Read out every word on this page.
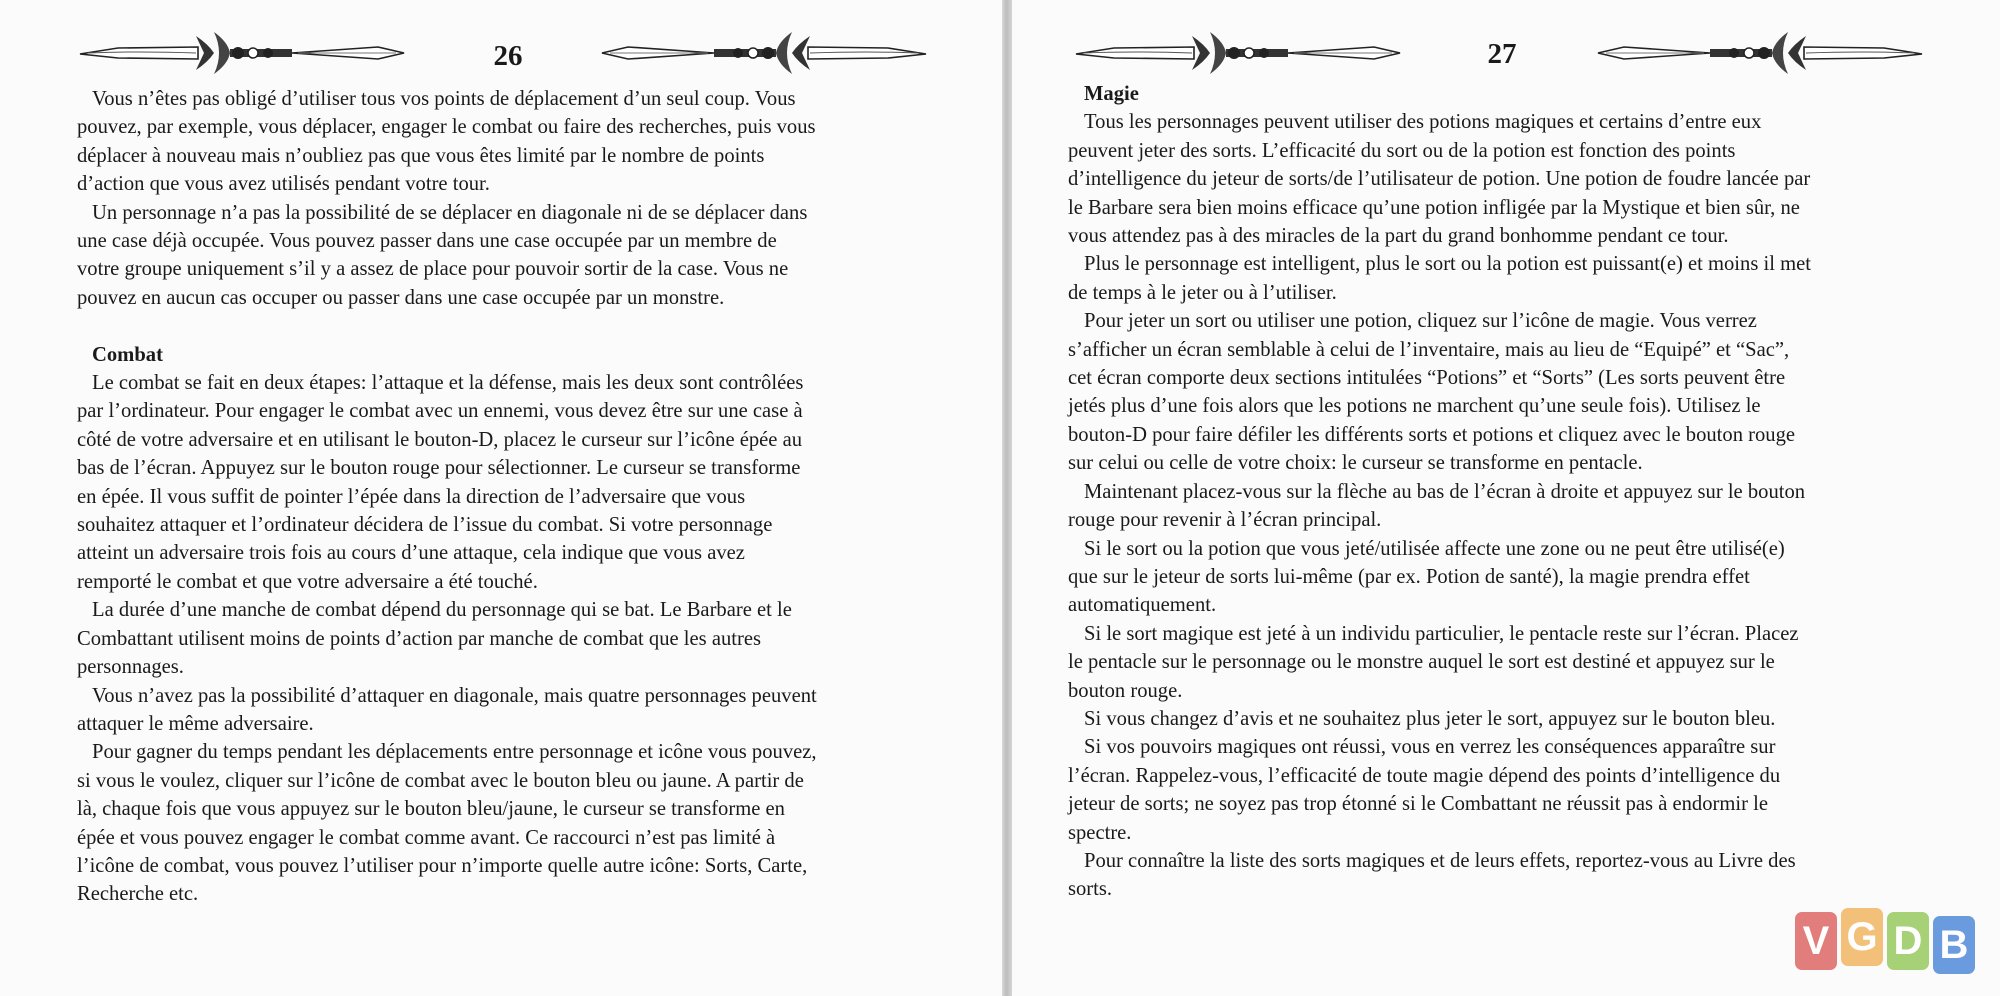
26
Vous n’êtes pas obligé d’utiliser tous vos points de déplacement d’un seul coup. Vous
pouvez, par exemple, vous déplacer, engager le combat ou faire des recherches, puis vous
déplacer à nouveau mais n’oubliez pas que vous êtes limité par le nombre de points
d’action que vous avez utilisés pendant votre tour.
Un personnage n’a pas la possibilité de se déplacer en diagonale ni de se déplacer dans
une case déjà occupée. Vous pouvez passer dans une case occupée par un membre de
votre groupe uniquement s’il y a assez de place pour pouvoir sortir de la case. Vous ne
pouvez en aucun cas occuper ou passer dans une case occupée par un monstre.
Combat
Le combat se fait en deux étapes: l’attaque et la défense, mais les deux sont contrôlées
par l’ordinateur. Pour engager le combat avec un ennemi, vous devez être sur une case à
côté de votre adversaire et en utilisant le bouton-D, placez le curseur sur l’icône épée au
bas de l’écran. Appuyez sur le bouton rouge pour sélectionner. Le curseur se transforme
en épée. Il vous suffit de pointer l’épée dans la direction de l’adversaire que vous
souhaitez attaquer et l’ordinateur décidera de l’issue du combat. Si votre personnage
atteint un adversaire trois fois au cours d’une attaque, cela indique que vous avez
remporté le combat et que votre adversaire a été touché.
La durée d’une manche de combat dépend du personnage qui se bat. Le Barbare et le
Combattant utilisent moins de points d’action par manche de combat que les autres
personnages.
Vous n’avez pas la possibilité d’attaquer en diagonale, mais quatre personnages peuvent
attaquer le même adversaire.
Pour gagner du temps pendant les déplacements entre personnage et icône vous pouvez,
si vous le voulez, cliquer sur l’icône de combat avec le bouton bleu ou jaune. A partir de
là, chaque fois que vous appuyez sur le bouton bleu/jaune, le curseur se transforme en
épée et vous pouvez engager le combat comme avant. Ce raccourci n’est pas limité à
l’icône de combat, vous pouvez l’utiliser pour n’importe quelle autre icône: Sorts, Carte,
Recherche etc.
27
Magie
Tous les personnages peuvent utiliser des potions magiques et certains d’entre eux
peuvent jeter des sorts. L’efficacité du sort ou de la potion est fonction des points
d’intelligence du jeteur de sorts/de l’utilisateur de potion. Une potion de foudre lancée par
le Barbare sera bien moins efficace qu’une potion infligée par la Mystique et bien sûr, ne
vous attendez pas à des miracles de la part du grand bonhomme pendant ce tour.
Plus le personnage est intelligent, plus le sort ou la potion est puissant(e) et moins il met
de temps à le jeter ou à l’utiliser.
Pour jeter un sort ou utiliser une potion, cliquez sur l’icône de magie. Vous verrez
s’afficher un écran semblable à celui de l’inventaire, mais au lieu de “Equipé” et “Sac”,
cet écran comporte deux sections intitulées “Potions” et “Sorts” (Les sorts peuvent être
jetés plus d’une fois alors que les potions ne marchent qu’une seule fois). Utilisez le
bouton-D pour faire défiler les différents sorts et potions et cliquez avec le bouton rouge
sur celui ou celle de votre choix: le curseur se transforme en pentacle.
Maintenant placez-vous sur la flèche au bas de l’écran à droite et appuyez sur le bouton
rouge pour revenir à l’écran principal.
Si le sort ou la potion que vous jeté/utilisée affecte une zone ou ne peut être utilisé(e)
que sur le jeteur de sorts lui-même (par ex. Potion de santé), la magie prendra effet
automatiquement.
Si le sort magique est jeté à un individu particulier, le pentacle reste sur l’écran. Placez
le pentacle sur le personnage ou le monstre auquel le sort est destiné et appuyez sur le
bouton rouge.
Si vous changez d’avis et ne souhaitez plus jeter le sort, appuyez sur le bouton bleu.
Si vos pouvoirs magiques ont réussi, vous en verrez les conséquences apparaître sur
l’écran. Rappelez-vous, l’efficacité de toute magie dépend des points d’intelligence du
jeteur de sorts; ne soyez pas trop étonné si le Combattant ne réussit pas à endormir le
spectre.
Pour connaître la liste des sorts magiques et de leurs effets, reportez-vous au Livre des
sorts.
V G D B
